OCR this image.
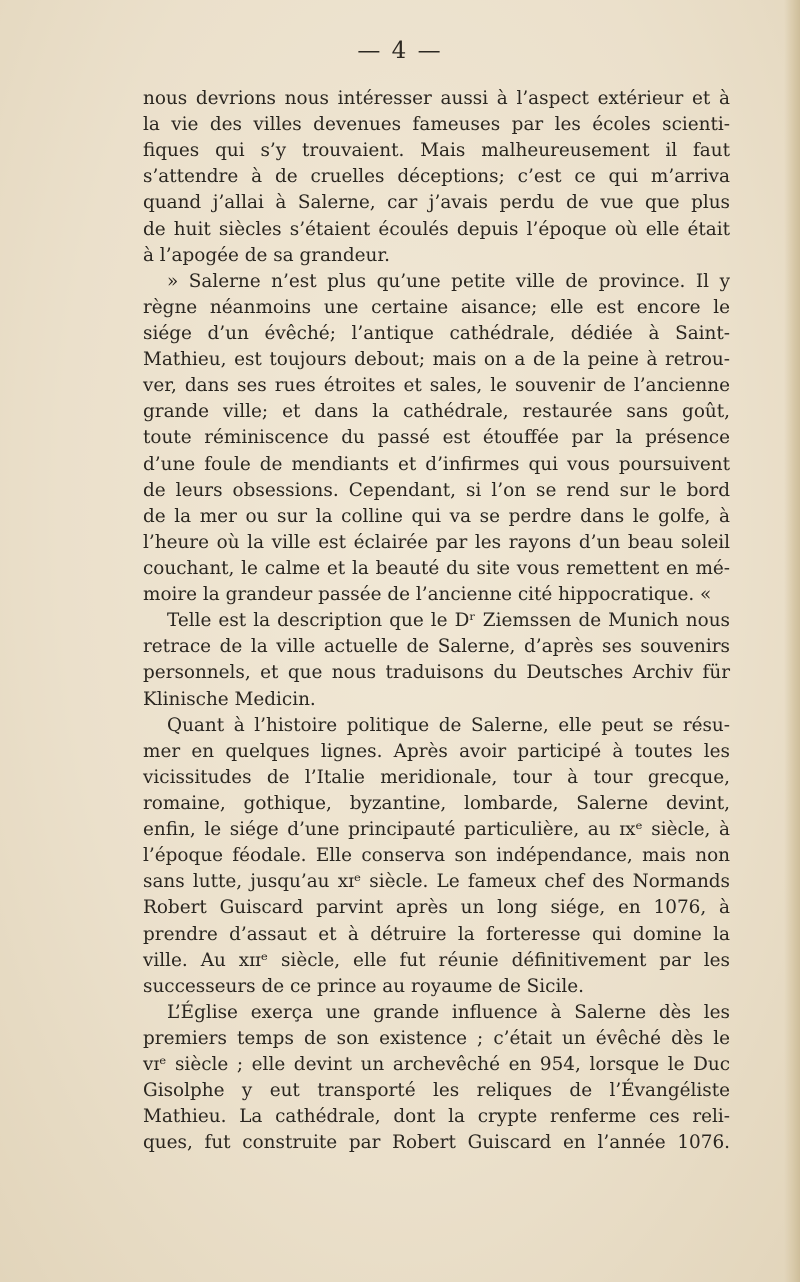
— 4 —
nous devrions nous intéresser aussi à l’aspect extérieur et à
la vie des villes devenues fameuses par les écoles scienti-
fiques qui s’y trouvaient. Mais malheureusement il faut
s’attendre à de cruelles déceptions; c’est ce qui m’arriva
quand j’allai à Salerne, car j’avais perdu de vue que plus
de huit siècles s’étaient écoulés depuis l’époque où elle était
à l’apogée de sa grandeur.
» Salerne n’est plus qu’une petite ville de province. Il y
règne néanmoins une certaine aisance; elle est encore le
siége d’un évêché; l’antique cathédrale, dédiée à Saint-
Mathieu, est toujours debout; mais on a de la peine à retrou-
ver, dans ses rues étroites et sales, le souvenir de l’ancienne
grande ville; et dans la cathédrale, restaurée sans goût,
toute réminiscence du passé est étouffée par la présence
d’une foule de mendiants et d’infirmes qui vous poursuivent
de leurs obsessions. Cependant, si l’on se rend sur le bord
de la mer ou sur la colline qui va se perdre dans le golfe, à
l’heure où la ville est éclairée par les rayons d’un beau soleil
couchant, le calme et la beauté du site vous remettent en mé-
moire la grandeur passée de l’ancienne cité hippocratique. «
Telle est la description que le Dʳ Ziemssen de Munich nous
retrace de la ville actuelle de Salerne, d’après ses souvenirs
personnels, et que nous traduisons du Deutsches Archiv für
Klinische Medicin.
Quant à l’histoire politique de Salerne, elle peut se résu-
mer en quelques lignes. Après avoir participé à toutes les
vicissitudes de l’Italie meridionale, tour à tour grecque,
romaine, gothique, byzantine, lombarde, Salerne devint,
enfin, le siége d’une principauté particulière, au ɪxᵉ siècle, à
l’époque féodale. Elle conserva son indépendance, mais non
sans lutte, jusqu’au xɪᵉ siècle. Le fameux chef des Normands
Robert Guiscard parvint après un long siége, en 1076, à
prendre d’assaut et à détruire la forteresse qui domine la
ville. Au xɪɪᵉ siècle, elle fut réunie définitivement par les
successeurs de ce prince au royaume de Sicile.
L’Église exerça une grande influence à Salerne dès les
premiers temps de son existence ; c’était un évêché dès le
vɪᵉ siècle ; elle devint un archevêché en 954, lorsque le Duc
Gisolphe y eut transporté les reliques de l’Évangéliste
Mathieu. La cathédrale, dont la crypte renferme ces reli-
ques, fut construite par Robert Guiscard en l’année 1076.
